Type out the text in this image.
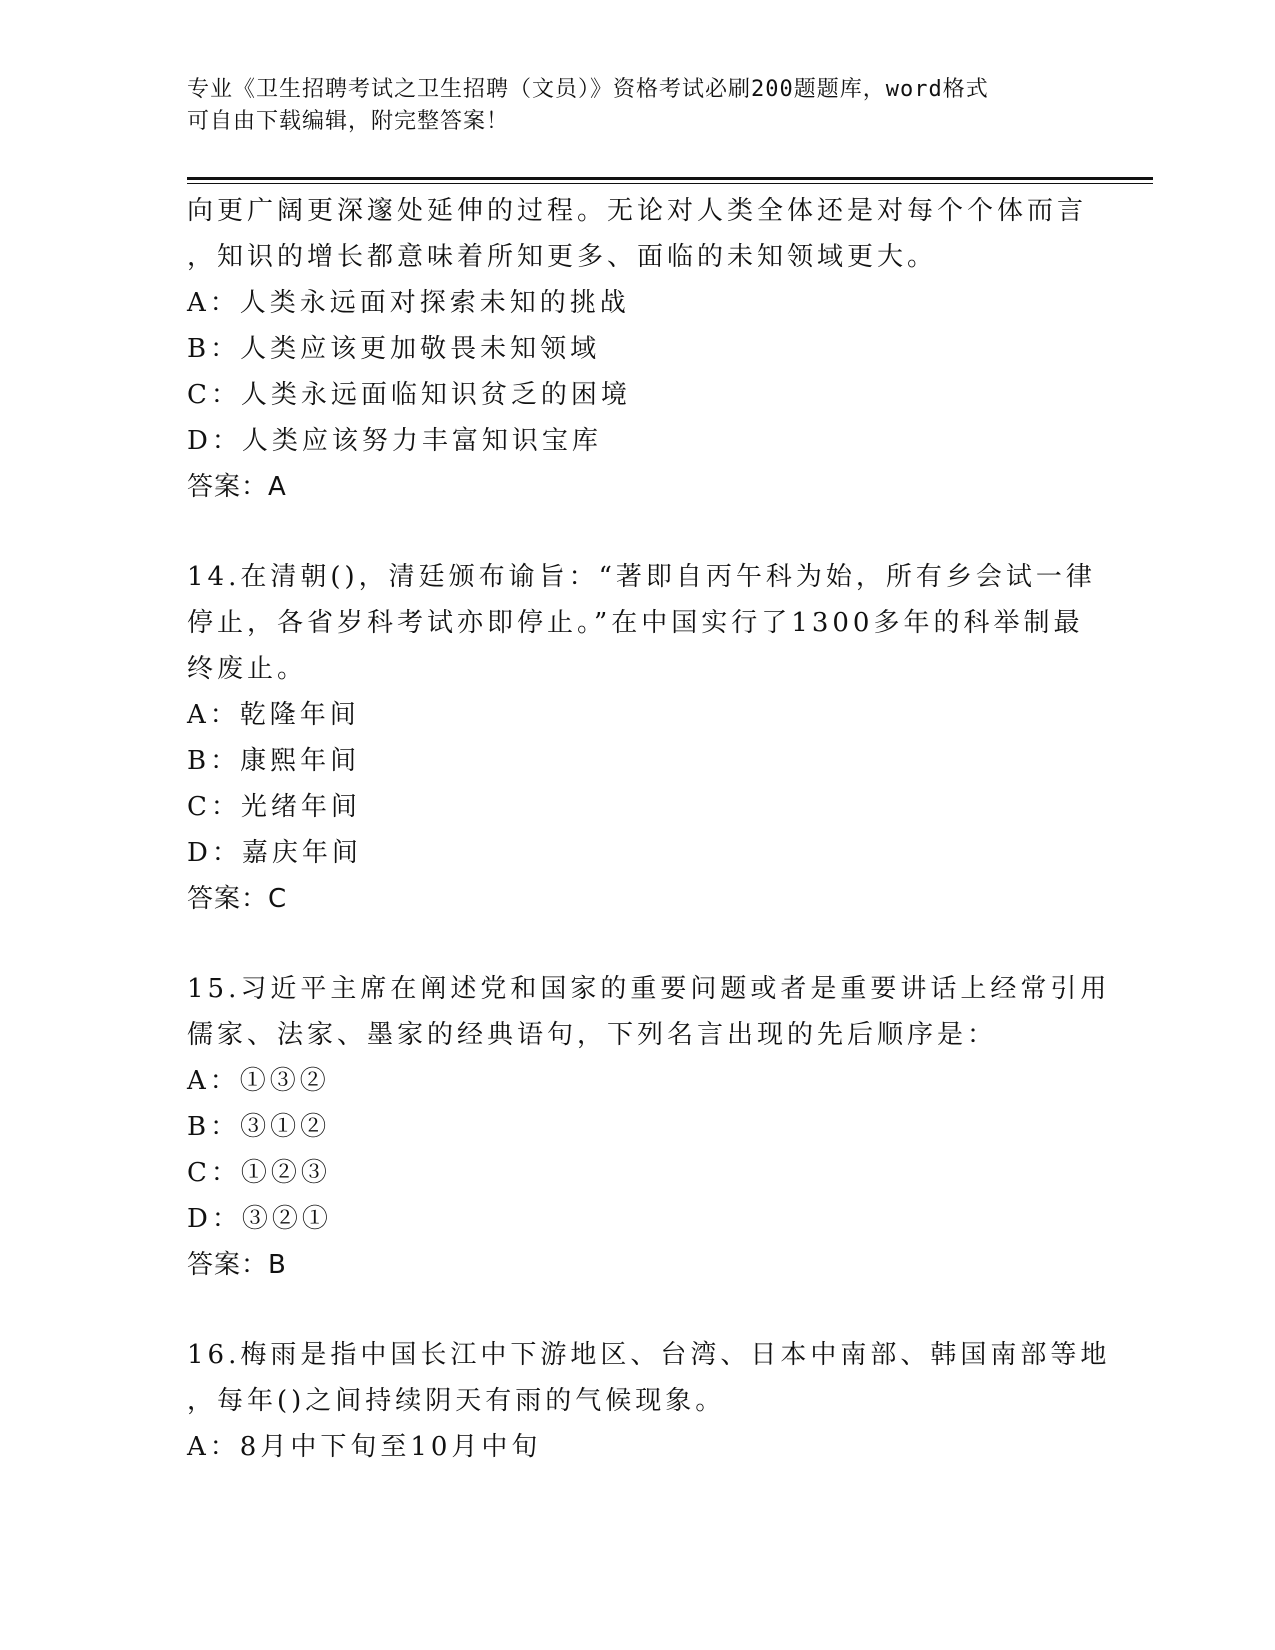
专业《卫生招聘考试之卫生招聘（文员）》资格考试必刷200题题库，word格式
可自由下载编辑，附完整答案！
向更广阔更深邃处延伸的过程。无论对人类全体还是对每个个体而言
，知识的增长都意味着所知更多、面临的未知领域更大。
A：人类永远面对探索未知的挑战
B：人类应该更加敬畏未知领域
C：人类永远面临知识贫乏的困境
D：人类应该努力丰富知识宝库
答案：A
14.在清朝()，清廷颁布谕旨：“著即自丙午科为始，所有乡会试一律
停止，各省岁科考试亦即停止。”在中国实行了1300多年的科举制最
终废止。
A：乾隆年间
B：康熙年间
C：光绪年间
D：嘉庆年间
答案：C
15.习近平主席在阐述党和国家的重要问题或者是重要讲话上经常引用
儒家、法家、墨家的经典语句，下列名言出现的先后顺序是：
A：①③②
B：③①②
C：①②③
D：③②①
答案：B
16.梅雨是指中国长江中下游地区、台湾、日本中南部、韩国南部等地
，每年()之间持续阴天有雨的气候现象。
A：8月中下旬至10月中旬
